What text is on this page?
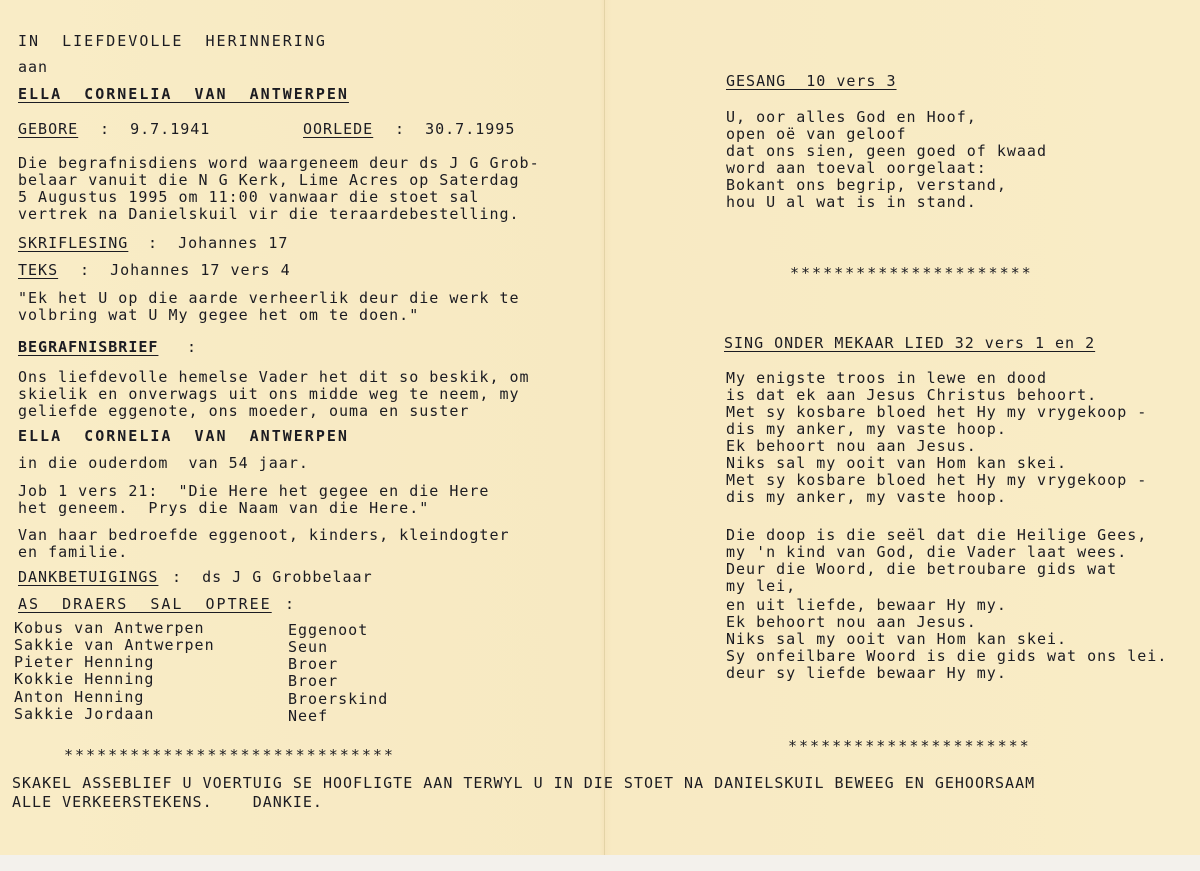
IN  LIEFDEVOLLE  HERINNERING
aan
ELLA  CORNELIA  VAN  ANTWERPEN
GEBORE :  9.7.1941	OORLEDE :  30.7.1995
Die begrafnisdiens word waargeneem deur ds J G Grob-
belaar vanuit die N G Kerk, Lime Acres op Saterdag
5 Augustus 1995 om 11:00 vanwaar die stoet sal
vertrek na Danielskuil vir die teraardebestelling.
SKRIFLESING :  Johannes 17
TEKS :  Johannes 17 vers 4
"Ek het U op die aarde verheerlik deur die werk te
volbring wat U My gegee het om te doen."
BEGRAFNISBRIEF :
Ons liefdevolle hemelse Vader het dit so beskik, om
skielik en onverwags uit ons midde weg te neem, my
geliefde eggenote, ons moeder, ouma en suster
ELLA  CORNELIA  VAN  ANTWERPEN
in die ouderdom  van 54 jaar.
Job 1 vers 21:  "Die Here het gegee en die Here
het geneem.  Prys die Naam van die Here."
Van haar bedroefde eggenoot, kinders, kleindogter
en familie.
DANKBETUIGINGS :  ds J G Grobbelaar
AS  DRAERS  SAL  OPTREE :
Kobus van Antwerpen	Eggenoot
Sakkie van Antwerpen	Seun
Pieter Henning	Broer
Kokkie Henning	Broer
Anton Henning	Broerskind
Sakkie Jordaan	Neef
******************************
GESANG  10 vers 3
U, oor alles God en Hoof,
open oë van geloof
dat ons sien, geen goed of kwaad
word aan toeval oorgelaat:
Bokant ons begrip, verstand,
hou U al wat is in stand.
**********************
SING ONDER MEKAAR LIED 32 vers 1 en 2
My enigste troos in lewe en dood
is dat ek aan Jesus Christus behoort.
Met sy kosbare bloed het Hy my vrygekoop -
dis my anker, my vaste hoop.
Ek behoort nou aan Jesus.
Niks sal my ooit van Hom kan skei.
Met sy kosbare bloed het Hy my vrygekoop -
dis my anker, my vaste hoop.
Die doop is die seël dat die Heilige Gees,
my 'n kind van God, die Vader laat wees.
Deur die Woord, die betroubare gids wat
my lei,
en uit liefde, bewaar Hy my.
Ek behoort nou aan Jesus.
Niks sal my ooit van Hom kan skei.
Sy onfeilbare Woord is die gids wat ons lei.
deur sy liefde bewaar Hy my.
**********************
SKAKEL ASSEBLIEF U VOERTUIG SE HOOFLIGTE AAN TERWYL U IN DIE STOET NA DANIELSKUIL BEWEEG EN GEHOORSAAM
ALLE VERKEERSTEKENS.    DANKIE.
